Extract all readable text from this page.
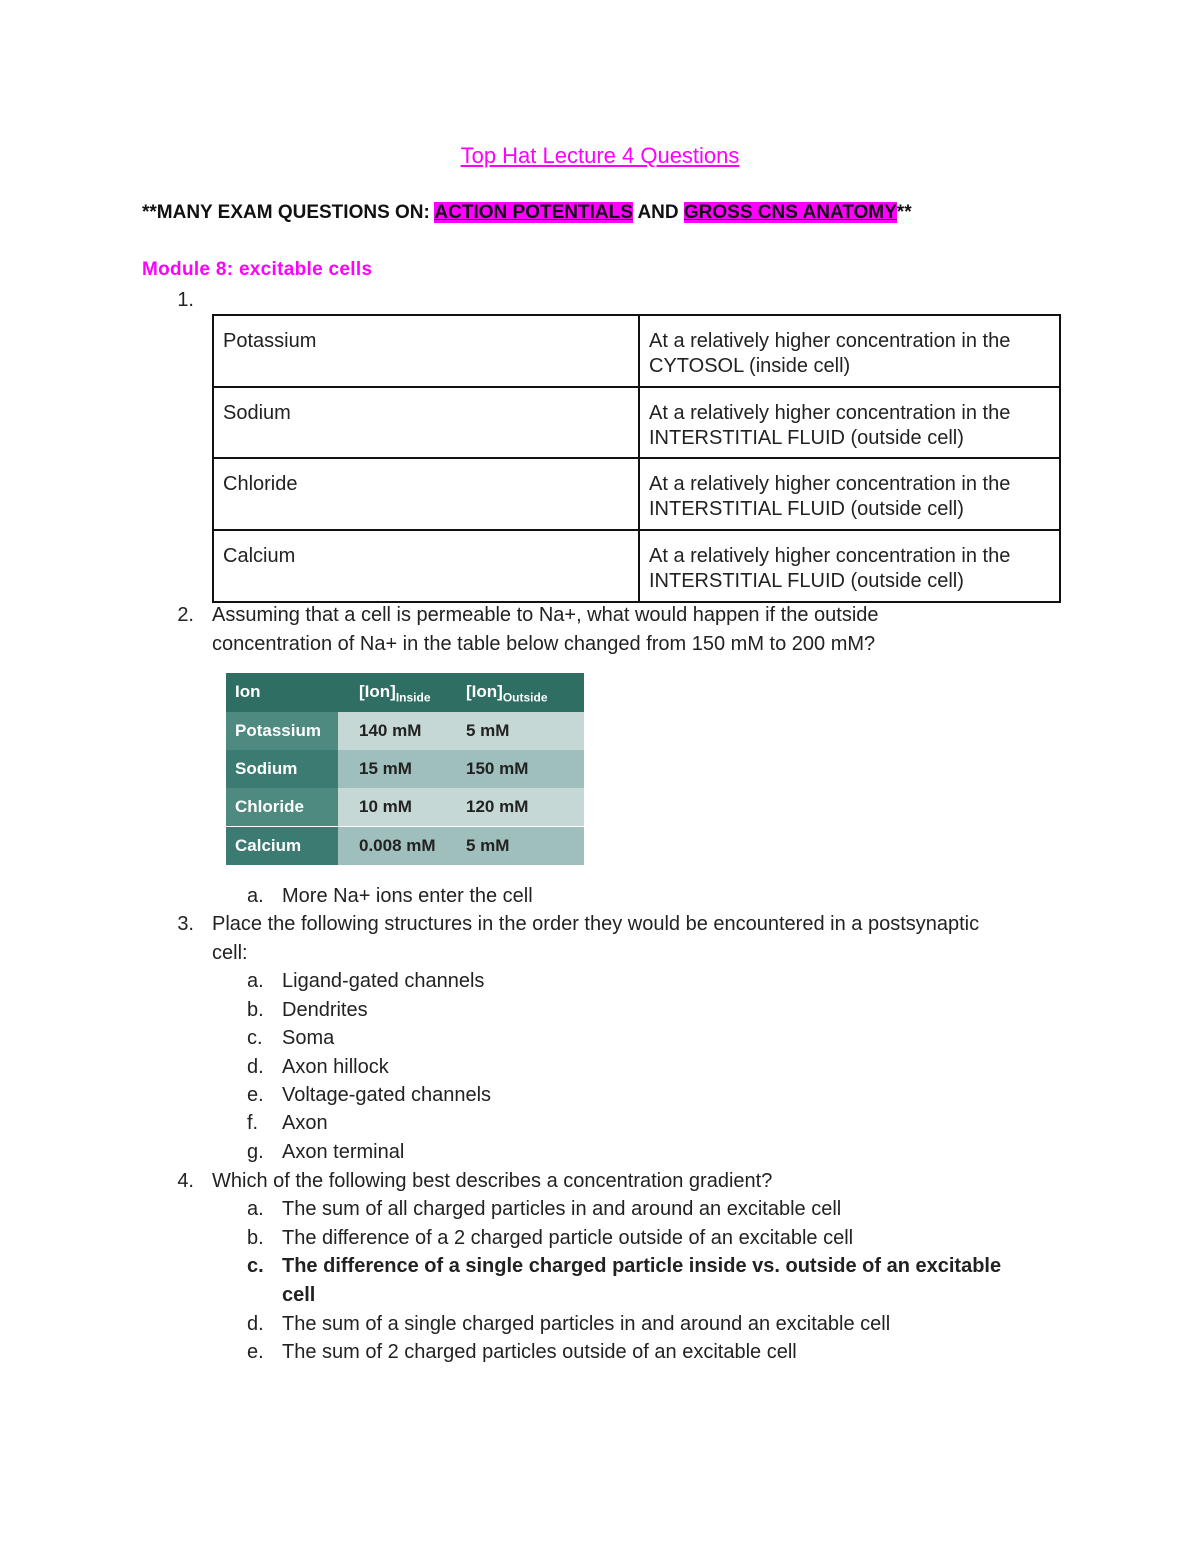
Top Hat Lecture 4 Questions
**MANY EXAM QUESTIONS ON: ACTION POTENTIALS AND GROSS CNS ANATOMY**
Module 8: excitable cells
1.
Potassium	At a relatively higher concentration in the
CYTOSOL (inside cell)

Sodium	At a relatively higher concentration in the
INTERSTITIAL FLUID (outside cell)

Chloride	At a relatively higher concentration in the
INTERSTITIAL FLUID (outside cell)

Calcium	At a relatively higher concentration in the
INTERSTITIAL FLUID (outside cell)
2. Assuming that a cell is permeable to Na+, what would happen if the outside
concentration of Na+ in the table below changed from 150 mM to 200 mM?
Ion	$[Ion]_{Inside}$ $[Ion]_{Outside}$
Potassium 140 mM	5 mM
Sodium	15 mM	150 mM
Chloride	10 mM	120 mM
Calcium	0.008 mM 5 mM
a. More Na+ ions enter the cell
3. Place the following structures in the order they would be encountered in a postsynaptic
cell:
a. Ligand-gated channels
b. Dendrites
c. Soma
d. Axon hillock
e. Voltage-gated channels
f. Axon
g. Axon terminal
4. Which of the following best describes a concentration gradient?
a. The sum of all charged particles in and around an excitable cell
b. The difference of a 2 charged particle outside of an excitable cell
c. The difference of a single charged particle inside vs. outside of an excitable
cell
d. The sum of a single charged particles in and around an excitable cell
e. The sum of 2 charged particles outside of an excitable cell
